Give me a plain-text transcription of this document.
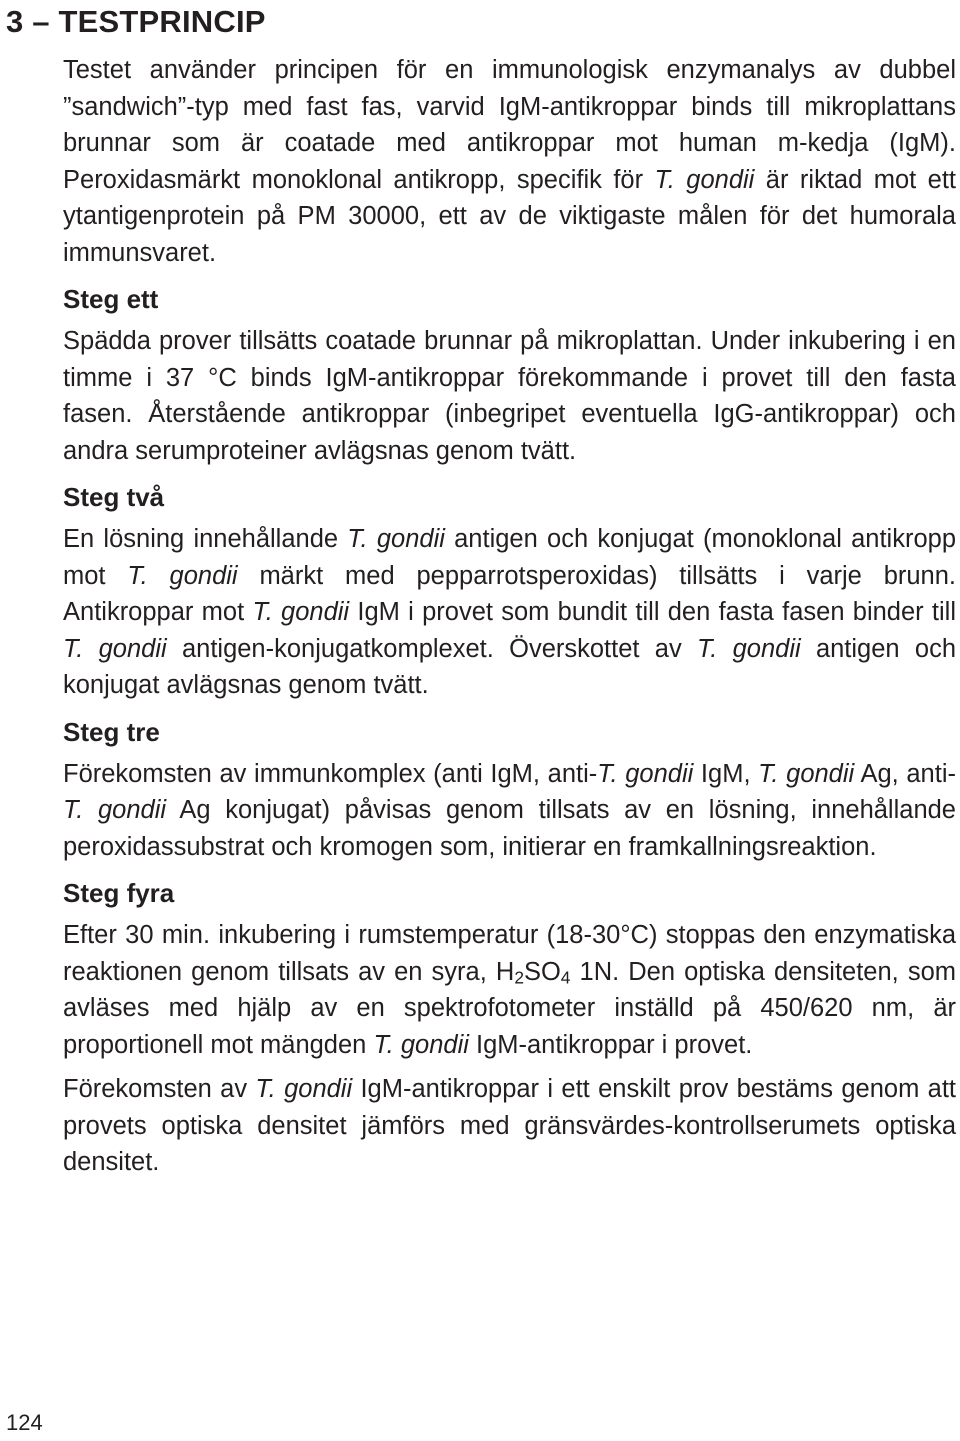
3 – TESTPRINCIP

Testet använder principen för en immunologisk enzymanalys av dubbel ”sandwich”-typ med fast fas, varvid IgM-antikroppar binds till mikroplattans brunnar som är coatade med antikroppar mot human m-kedja (IgM). Peroxidasmärkt monoklonal antikropp, specifik för T. gondii är riktad mot ett ytantigenprotein på PM 30000, ett av de viktigaste målen för det humorala immunsvaret.

Steg ett

Spädda prover tillsätts coatade brunnar på mikroplattan. Under inkubering i en timme i 37 °C binds IgM-antikroppar förekommande i provet till den fasta fasen. Återstående antikroppar (inbegripet eventuella IgG-antikroppar) och andra serumproteiner avlägsnas genom tvätt.

Steg två

En lösning innehållande T. gondii antigen och konjugat (monoklonal antikropp mot T. gondii märkt med pepparrotsperoxidas) tillsätts i varje brunn. Antikroppar mot T. gondii IgM i provet som bundit till den fasta fasen binder till T. gondii antigen-konjugatkomplexet. Överskottet av T. gondii antigen och konjugat avlägsnas genom tvätt.

Steg tre

Förekomsten av immunkomplex (anti IgM, anti-T. gondii IgM, T. gondii Ag, anti-T. gondii Ag konjugat) påvisas genom tillsats av en lösning, innehållande peroxidassubstrat och kromogen som, initierar en framkallningsreaktion.

Steg fyra

Efter 30 min. inkubering i rumstemperatur (18-30°C) stoppas den enzymatiska reaktionen genom tillsats av en syra, $H_2SO_4$ 1N. Den optiska densiteten, som avläses med hjälp av en spektrofotometer inställd på 450/620 nm, är proportionell mot mängden T. gondii IgM-antikroppar i provet.

Förekomsten av T. gondii IgM-antikroppar i ett enskilt prov bestäms genom att provets optiska densitet jämförs med gränsvärdes-kontrollserumets optiska densitet.

124
